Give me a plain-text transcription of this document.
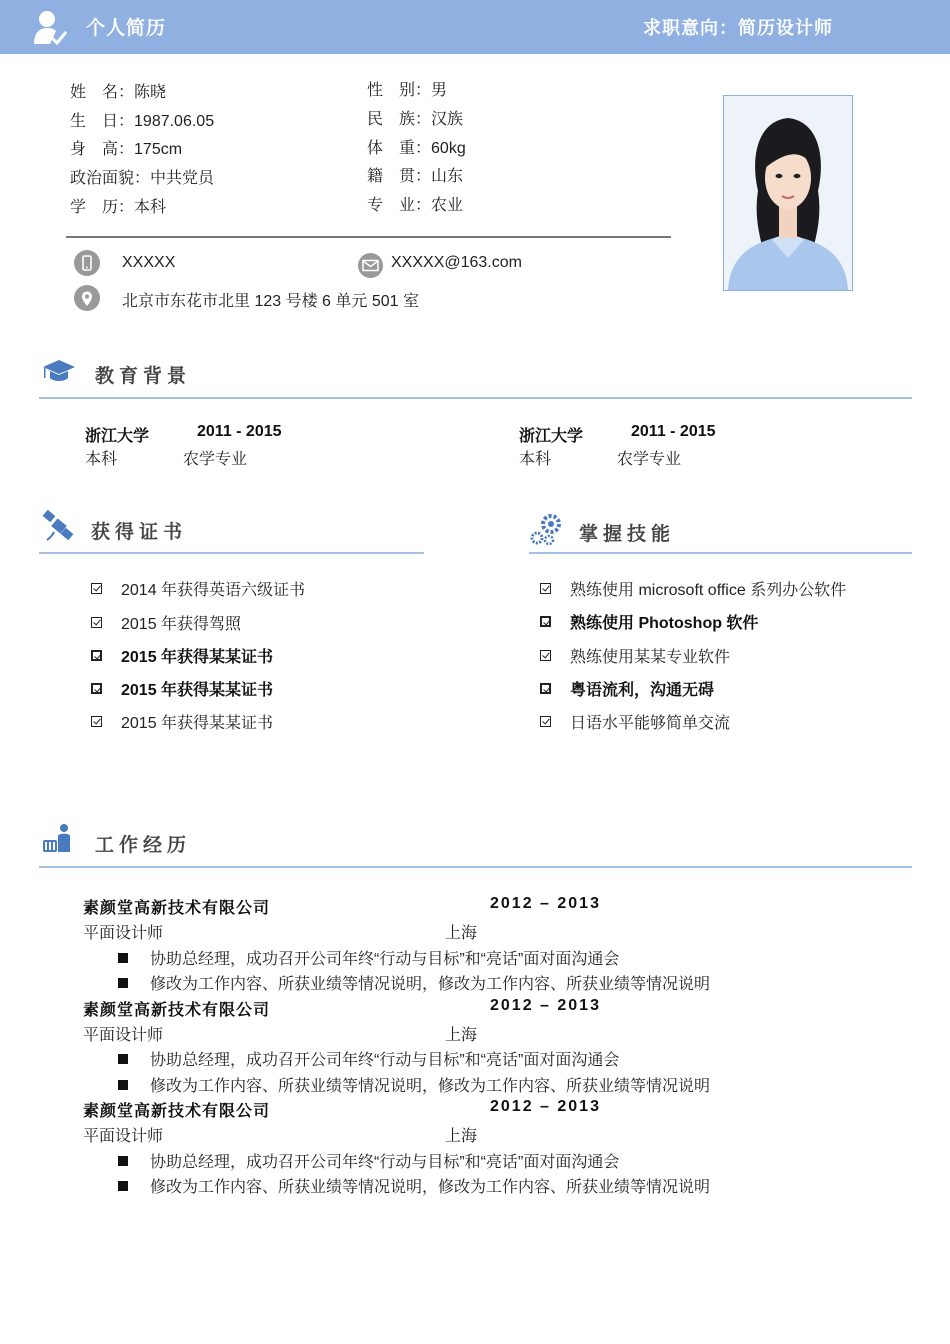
个人简历	求职意向：简历设计师
姓　名：陈晓
生　日：1987.06.05
身　高：175cm
政治面貌：中共党员
学　历：本科
性　别：男
民　族：汉族
体　重：60kg
籍　贯：山东
专　业：农业
XXXXX	XXXXX@163.com
北京市东花市北里 123 号楼 6 单元 501 室
教育背景
浙江大学	2011 - 2015
本科	农学专业
浙江大学	2011 - 2015
本科	农学专业
获得证书
2014 年获得英语六级证书
2015 年获得驾照
2015 年获得某某证书
2015 年获得某某证书
2015 年获得某某证书
掌握技能
熟练使用 microsoft office 系列办公软件
熟练使用 Photoshop 软件
熟练使用某某专业软件
粤语流利，沟通无碍
日语水平能够简单交流
工作经历
素颜堂高新技术有限公司	2012 – 2013
平面设计师	上海
协助总经理，成功召开公司年终“行动与目标”和“亮话”面对面沟通会
修改为工作内容、所获业绩等情况说明，修改为工作内容、所获业绩等情况说明
素颜堂高新技术有限公司	2012 – 2013
平面设计师	上海
协助总经理，成功召开公司年终“行动与目标”和“亮话”面对面沟通会
修改为工作内容、所获业绩等情况说明，修改为工作内容、所获业绩等情况说明
素颜堂高新技术有限公司	2012 – 2013
平面设计师	上海
协助总经理，成功召开公司年终“行动与目标”和“亮话”面对面沟通会
修改为工作内容、所获业绩等情况说明，修改为工作内容、所获业绩等情况说明
